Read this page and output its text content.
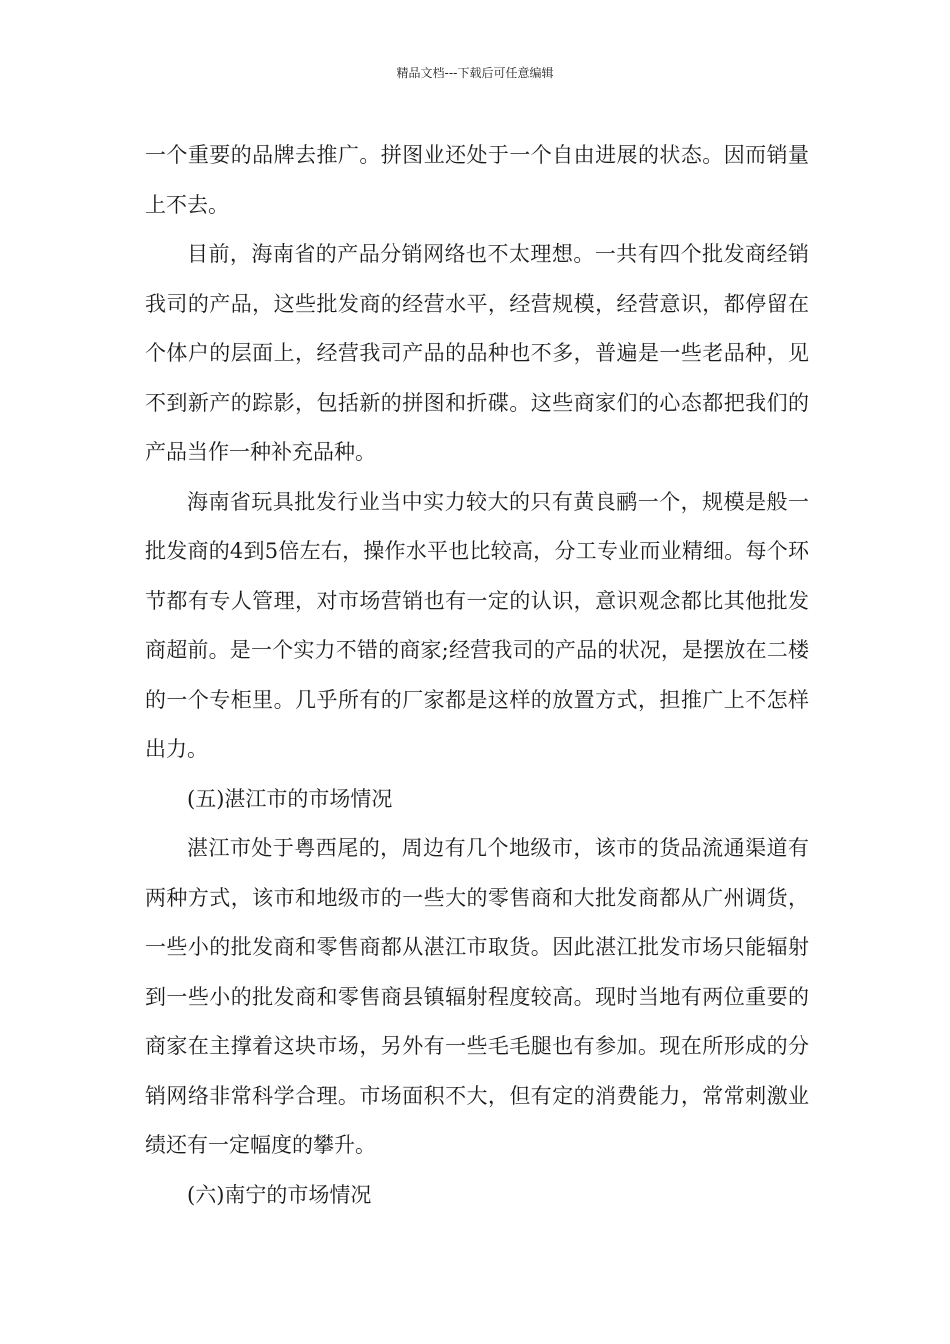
精品文档---下载后可任意编辑

一个重要的品牌去推广。拼图业还处于一个自由进展的状态。因而销量上不去。

目前，海南省的产品分销网络也不太理想。一共有四个批发商经销我司的产品，这些批发商的经营水平，经营规模，经营意识，都停留在个体户的层面上，经营我司产品的品种也不多，普遍是一些老品种，见不到新产的踪影，包括新的拼图和折碟。这些商家们的心态都把我们的产品当作一种补充品种。

海南省玩具批发行业当中实力较大的只有黄良鹂一个，规模是般一批发商的4到5倍左右，操作水平也比较高，分工专业而业精细。每个环节都有专人管理，对市场营销也有一定的认识，意识观念都比其他批发商超前。是一个实力不错的商家;经营我司的产品的状况，是摆放在二楼的一个专柜里。几乎所有的厂家都是这样的放置方式，担推广上不怎样出力。

(五)湛江市的市场情况

湛江市处于粤西尾的，周边有几个地级市，该市的货品流通渠道有两种方式，该市和地级市的一些大的零售商和大批发商都从广州调货，一些小的批发商和零售商都从湛江市取货。因此湛江批发市场只能辐射到一些小的批发商和零售商县镇辐射程度较高。现时当地有两位重要的商家在主撑着这块市场，另外有一些毛毛腿也有参加。现在所形成的分销网络非常科学合理。市场面积不大，但有定的消费能力，常常刺激业绩还有一定幅度的攀升。

(六)南宁的市场情况
